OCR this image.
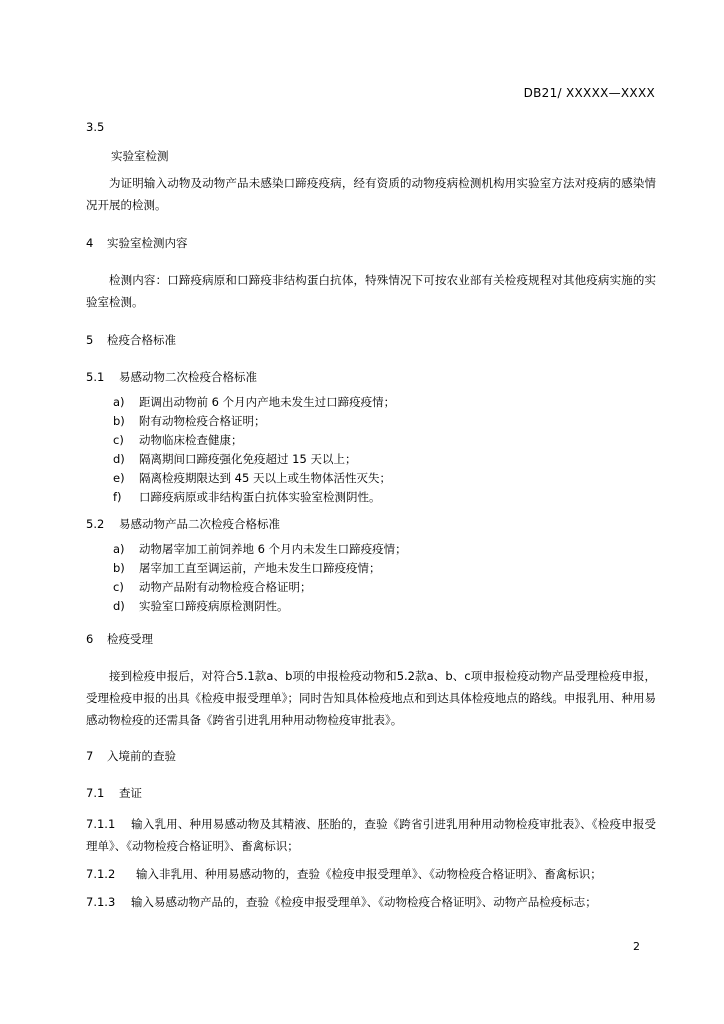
DB21/ XXXXX—XXXX
3.5
实验室检测

为证明输入动物及动物产品未感染口蹄疫疫病，经有资质的动物疫病检测机构用实验室方法对疫病的感染情况开展的检测。

4	实验室检测内容

检测内容：口蹄疫病原和口蹄疫非结构蛋白抗体，特殊情况下可按农业部有关检疫规程对其他疫病实施的实验室检测。

5	检疫合格标准
5.1	易感动物二次检疫合格标准
a)	距调出动物前 6 个月内产地未发生过口蹄疫疫情；
b)	附有动物检疫合格证明；
c)	动物临床检查健康；
d)	隔离期间口蹄疫强化免疫超过 15 天以上；
e)	隔离检疫期限达到 45 天以上或生物体活性灭失；
f)	口蹄疫病原或非结构蛋白抗体实验室检测阴性。
5.2	易感动物产品二次检疫合格标准
a)	动物屠宰加工前饲养地 6 个月内未发生口蹄疫疫情；
b)	屠宰加工直至调运前，产地未发生口蹄疫疫情；
c)	动物产品附有动物检疫合格证明；
d)	实验室口蹄疫病原检测阴性。
6	检疫受理

接到检疫申报后，对符合5.1款a、b项的申报检疫动物和5.2款a、b、c项申报检疫动物产品受理检疫申报，受理检疫申报的出具《检疫申报受理单》；同时告知具体检疫地点和到达具体检疫地点的路线。申报乳用、种用易感动物检疫的还需具备《跨省引进乳用种用动物检疫审批表》。

7	入境前的查验
7.1	查证

7.1.1 输入乳用、种用易感动物及其精液、胚胎的，查验《跨省引进乳用种用动物检疫审批表》、《检疫申报受理单》、《动物检疫合格证明》、畜禽标识；

7.1.2 输入非乳用、种用易感动物的，查验《检疫申报受理单》、《动物检疫合格证明》、畜禽标识；

7.1.3 输入易感动物产品的，查验《检疫申报受理单》、《动物检疫合格证明》、动物产品检疫标志；

2
